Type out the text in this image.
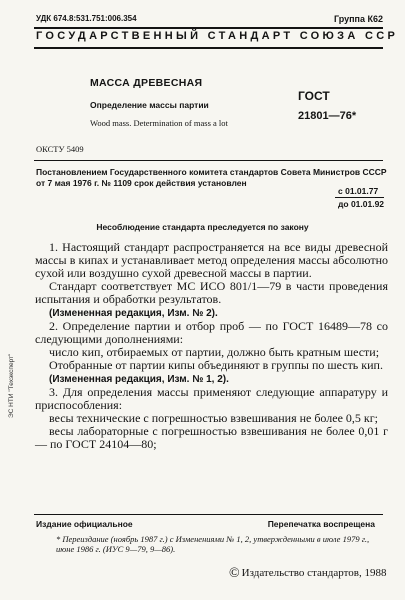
УДК 674.8:531.751:006.354	Группа К62
ГОСУДАРСТВЕННЫЙ СТАНДАРТ СОЮЗА ССР
МАССА ДРЕВЕСНАЯ
Определение массы партии
Wood mass. Determination of mass a lot
ГОСТ
21801—76*
ОКСТУ 5409
Постановлением Государственного комитета стандартов Совета Министров СССР от 7 мая 1976 г. № 1109 срок действия установлен
с 01.01.77
до 01.01.92
Несоблюдение стандарта преследуется по закону

1. Настоящий стандарт распространяется на все виды древесной массы в кипах и устанавливает метод определения массы абсолютно сухой или воздушно сухой древесной массы в партии.

Стандарт соответствует МС ИСО 801/1—79 в части проведения испытания и обработки результатов.

(Измененная редакция, Изм. № 2).

2. Определение партии и отбор проб — по ГОСТ 16489—78 со следующими дополнениями:

число кип, отбираемых от партии, должно быть кратным шести;

Отобранные от партии кипы объединяют в группы по шесть кип.

(Измененная редакция, Изм. № 1, 2).

3. Для определения массы применяют следующие аппаратуру и приспособления:

весы технические с погрешностью взвешивания не более 0,5 кг;

весы лабораторные с погрешностью взвешивания не более 0,01 г — по ГОСТ 24104—80;

Издание официальное	Перепечатка воспрещена
* Переиздание (ноябрь 1987 г.) с Изменениями № 1, 2, утвержденными в июле 1979 г., июне 1986 г. (ИУС 9—79, 9—86).
© Издательство стандартов, 1988
ЭС НТИ "Техэксперт"
